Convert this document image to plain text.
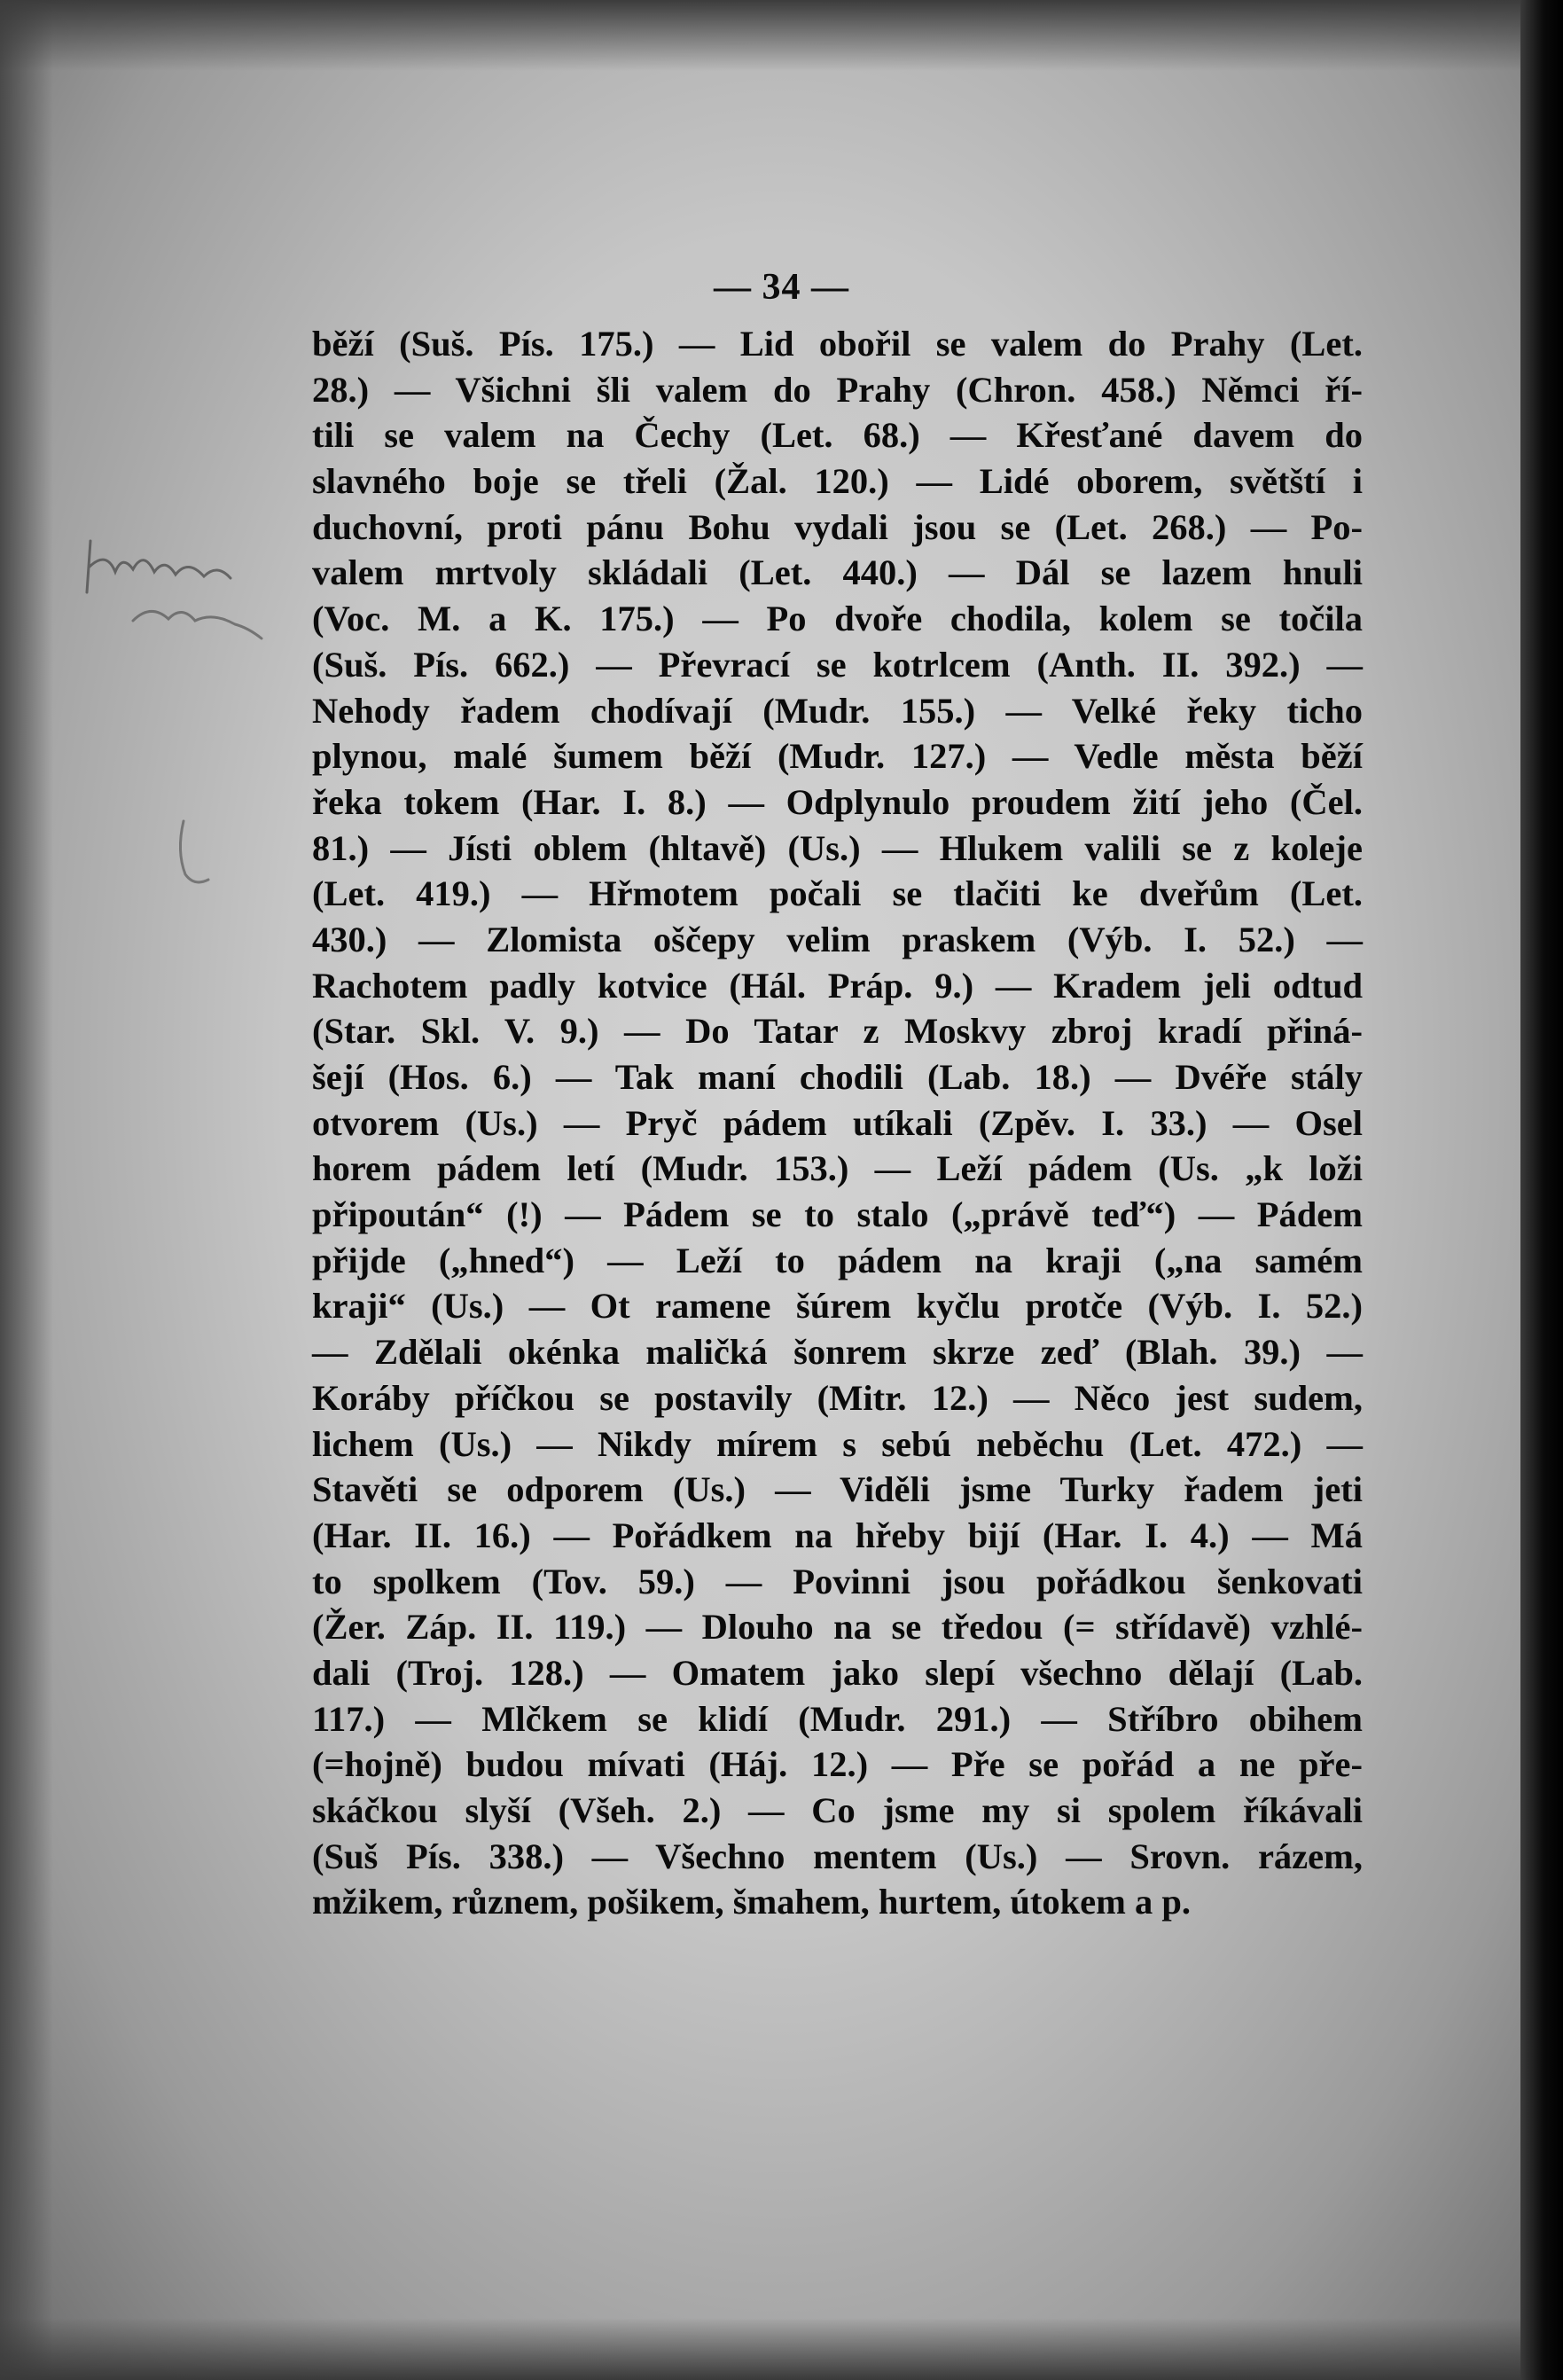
— 34 —
běží (Suš. Pís. 175.) — Lid obořil se valem do Prahy (Let.
28.) — Všichni šli valem do Prahy (Chron. 458.) Němci ří-
tili se valem na Čechy (Let. 68.) — Křesťané davem do
slavného boje se třeli (Žal. 120.) — Lidé oborem, světští i
duchovní, proti pánu Bohu vydali jsou se (Let. 268.) — Po-
valem mrtvoly skládali (Let. 440.) — Dál se lazem hnuli
(Voc. M. a K. 175.) — Po dvoře chodila, kolem se točila
(Suš. Pís. 662.) — Převrací se kotrlcem (Anth. II. 392.) —
Nehody řadem chodívají (Mudr. 155.) — Velké řeky ticho
plynou, malé šumem běží (Mudr. 127.) — Vedle města běží
řeka tokem (Har. I. 8.) — Odplynulo proudem žití jeho (Čel.
81.) — Jísti oblem (hltavě) (Us.) — Hlukem valili se z koleje
(Let. 419.) — Hřmotem počali se tlačiti ke dveřům (Let.
430.) — Zlomista oščepy velim praskem (Výb. I. 52.) —
Rachotem padly kotvice (Hál. Práp. 9.) — Kradem jeli odtud
(Star. Skl. V. 9.) — Do Tatar z Moskvy zbroj kradí přiná-
šejí (Hos. 6.) — Tak maní chodili (Lab. 18.) — Dvéře stály
otvorem (Us.) — Pryč pádem utíkali (Zpěv. I. 33.) — Osel
horem pádem letí (Mudr. 153.) — Leží pádem (Us. „k loži
připoután“ (!) — Pádem se to stalo („právě teď“) — Pádem
přijde („hned“) — Leží to pádem na kraji („na samém
kraji“ (Us.) — Ot ramene šúrem kyčlu protče (Výb. I. 52.)
— Zdělali okénka maličká šonrem skrze zeď (Blah. 39.) —
Koráby příčkou se postavily (Mitr. 12.) — Něco jest sudem,
lichem (Us.) — Nikdy mírem s sebú neběchu (Let. 472.) —
Stavěti se odporem (Us.) — Viděli jsme Turky řadem jeti
(Har. II. 16.) — Pořádkem na hřeby bijí (Har. I. 4.) — Má
to spolkem (Tov. 59.) — Povinni jsou pořádkou šenkovati
(Žer. Záp. II. 119.) — Dlouho na se tředou (= střídavě) vzhlé-
dali (Troj. 128.) — Omatem jako slepí všechno dělají (Lab.
117.) — Mlčkem se klidí (Mudr. 291.) — Stříbro obihem
(=hojně) budou mívati (Háj. 12.) — Pře se pořád a ne pře-
skáčkou slyší (Všeh. 2.) — Co jsme my si spolem říkávali
(Suš Pís. 338.) — Všechno mentem (Us.) — Srovn. rázem,
mžikem, různem, pošikem, šmahem, hurtem, útokem a p.
